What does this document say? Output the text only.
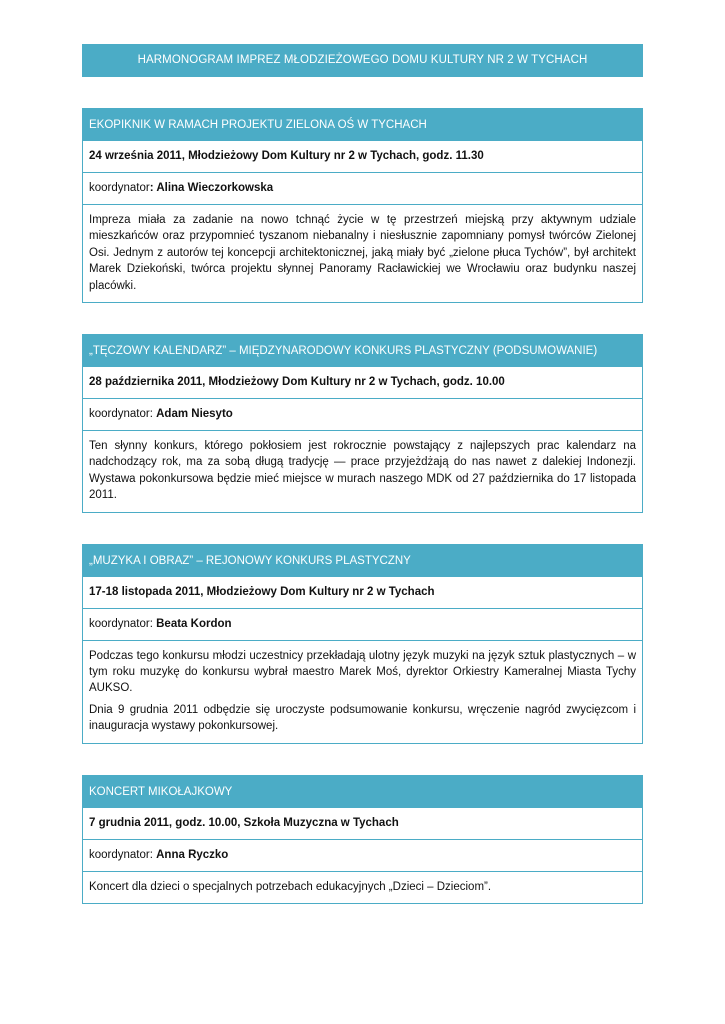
HARMONOGRAM IMPREZ MŁODZIEŻOWEGO DOMU KULTURY NR 2 W TYCHACH
EKOPIKNIK W RAMACH PROJEKTU ZIELONA OŚ W TYCHACH
24 września 2011, Młodzieżowy Dom Kultury nr 2 w Tychach, godz. 11.30
koordynator: Alina Wieczorkowska

Impreza miała za zadanie na nowo tchnąć życie w tę przestrzeń miejską przy aktywnym udziale mieszkańców oraz przypomnieć tyszanom niebanalny i niesłusznie zapomniany pomysł twórców Zielonej Osi. Jednym z autorów tej koncepcji architektonicznej, jaką miały być „zielone płuca Tychów”, był architekt Marek Dziekoński, twórca projektu słynnej Panoramy Racławickiej we Wrocławiu oraz budynku naszej placówki.

„TĘCZOWY KALENDARZ” – MIĘDZYNARODOWY KONKURS PLASTYCZNY (PODSUMOWANIE)
28 października 2011, Młodzieżowy Dom Kultury nr 2 w Tychach, godz. 10.00
koordynator: Adam Niesyto

Ten słynny konkurs, którego pokłosiem jest rokrocznie powstający z najlepszych prac kalendarz na nadchodzący rok, ma za sobą długą tradycję — prace przyjeżdżają do nas nawet z dalekiej Indonezji. Wystawa pokonkursowa będzie mieć miejsce w murach naszego MDK od 27 października do 17 listopada 2011.

„MUZYKA I OBRAZ” – REJONOWY KONKURS PLASTYCZNY
17-18 listopada 2011, Młodzieżowy Dom Kultury nr 2 w Tychach
koordynator: Beata Kordon

Podczas tego konkursu młodzi uczestnicy przekładają ulotny język muzyki na język sztuk plastycznych – w tym roku muzykę do konkursu wybrał maestro Marek Moś, dyrektor Orkiestry Kameralnej Miasta Tychy AUKSO.

Dnia 9 grudnia 2011 odbędzie się uroczyste podsumowanie konkursu, wręczenie nagród zwycięzcom i inauguracja wystawy pokonkursowej.

KONCERT MIKOŁAJKOWY
7 grudnia 2011, godz. 10.00, Szkoła Muzyczna w Tychach
koordynator: Anna Ryczko

Koncert dla dzieci o specjalnych potrzebach edukacyjnych „Dzieci – Dzieciom”.
